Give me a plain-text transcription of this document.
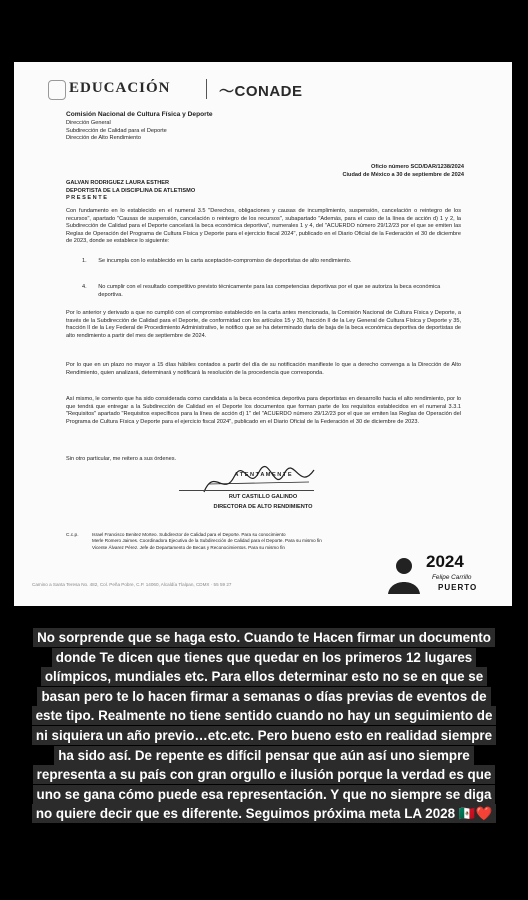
EDUCACIÓN	〜CONADE
Comisión Nacional de Cultura Física y Deporte
Dirección General
Subdirección de Calidad para el Deporte
Dirección de Alto Rendimiento
Oficio número SCD/DAR/1238/2024
Ciudad de México a 30 de septiembre de 2024
GALVAN RODRIGUEZ LAURA ESTHER
DEPORTISTA DE LA DISCIPLINA DE ATLETISMO
P R E S E N T E
Con fundamento en lo establecido en el numeral 3.5 "Derechos, obligaciones y causas de incumplimiento, suspensión, cancelación o reintegro de los recursos", apartado "Causas de suspensión, cancelación o reintegro de los recursos", subapartado "Además, para el caso de la línea de acción d) 1 y 2, la Subdirección de Calidad para el Deporte cancelará la beca económica deportiva", numerales 1 y 4, del "ACUERDO número 29/12/23 por el que se emiten las Reglas de Operación del Programa de Cultura Física y Deporte para el ejercicio fiscal 2024", publicado en el Diario Oficial de la Federación el 30 de diciembre de 2023, donde se establece lo siguiente:
1. Se incumpla con lo establecido en la carta aceptación-compromiso de deportistas de alto rendimiento.
4. No cumplir con el resultado competitivo previsto técnicamente para las competencias deportivas por el que se autoriza la beca económica deportiva.
Por lo anterior y derivado a que no cumplió con el compromiso establecido en la carta antes mencionada, la Comisión Nacional de Cultura Física y Deporte, a través de la Subdirección de Calidad para el Deporte, de conformidad con los artículos 15 y 30, fracción II de la Ley General de Cultura Física y Deporte y 35, fracción II de la Ley Federal de Procedimiento Administrativo, le notifico que se ha determinado darla de baja de la beca económica deportiva de deportistas de alto rendimiento a partir del mes de septiembre de 2024.
Por lo que en un plazo no mayor a 15 días hábiles contados a partir del día de su notificación manifieste lo que a derecho convenga a la Dirección de Alto Rendimiento, quien analizará, determinará y notificará la resolución de la procedencia que corresponda.
Así mismo, le comento que ha sido considerada como candidata a la beca económica deportiva para deportistas en desarrollo hacia el alto rendimiento, por lo que tendrá que entregar a la Subdirección de Calidad en el Deporte los documentos que forman parte de los requisitos establecidos en el numeral 3.3.1 "Requisitos" apartado "Requisitos específicos para la línea de acción d) 1" del "ACUERDO número 29/12/23 por el que se emiten las Reglas de Operación del Programa de Cultura Física y Deporte para el ejercicio fiscal 2024", publicado en el Diario Oficial de la Federación el 30 de diciembre de 2023.
Sin otro particular, me reitero a sus órdenes.
A T E N T A M E N T E
RUT CASTILLO GALINDO
DIRECTORA DE ALTO RENDIMIENTO
C.c.p.	Israel Francisco Benitez Morteo. Subdirector de Calidad para el Deporte. Para su conocimiento
Merle Romero Jaimes. Coordinadora Ejecutiva de la Subdirección de Calidad para el Deporte. Para su mismo fin
Vicente Álvarez Pérez. Jefe de Departamento de Becas y Reconocimientos. Para su mismo fin
Camino a Santa Teresa No. 482, Col. Peña Pobre, C.P. 14060, Alcaldía Tlalpan, CDMX · 55 59 27
2024
Felipe Carrillo
PUERTO
No sorprende que se haga esto. Cuando te Hacen firmar un documento donde Te dicen que tienes que quedar en los primeros 12 lugares olímpicos, mundiales etc. Para ellos determinar esto no se en que se basan pero te lo hacen firmar a semanas o días previas de eventos de este tipo. Realmente no tiene sentido cuando no hay un seguimiento de ni siquiera un año previo…etc.etc. Pero bueno esto en realidad siempre ha sido así. De repente es difícil pensar que aún así uno siempre representa a su país con gran orgullo e ilusión porque la verdad es que uno se gana cómo puede esa representación. Y que no siempre se diga no quiere decir que es diferente. Seguimos próxima meta LA 2028 🇲🇽❤️
